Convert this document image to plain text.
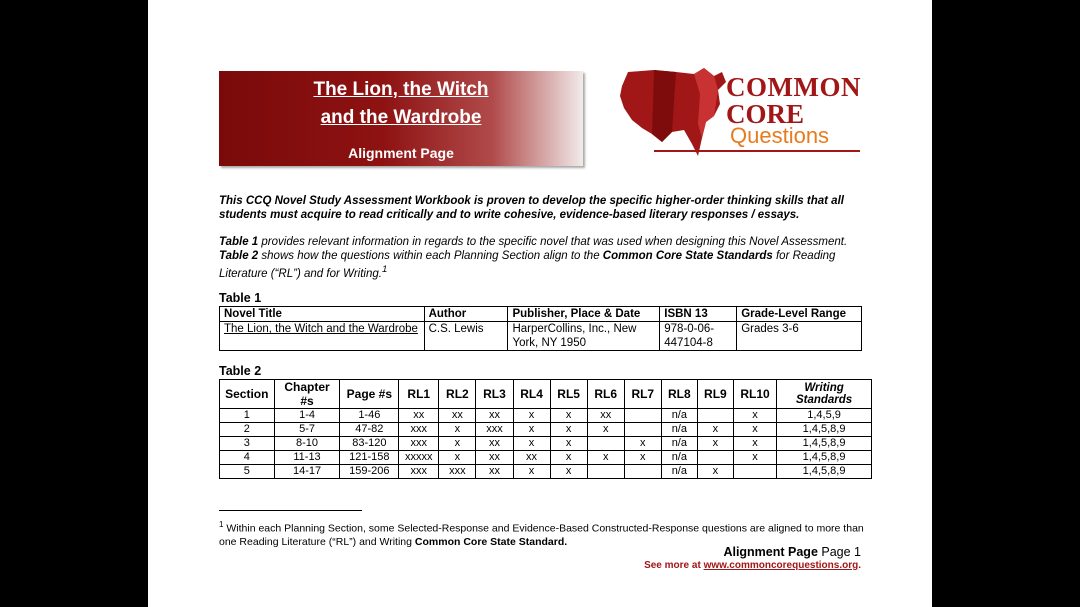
The Lion, the Witch
and the Wardrobe
Alignment Page
COMMON
CORE
Questions
This CCQ Novel Study Assessment Workbook is proven to develop the specific higher-order thinking skills that all students must acquire to read critically and to write cohesive, evidence-based literary responses / essays.
Table 1 provides relevant information in regards to the specific novel that was used when designing this Novel Assessment.
Table 2 shows how the questions within each Planning Section align to the Common Core State Standards for Reading Literature (“RL”) and for Writing.$^1$
Table 1
Novel Title	Author	Publisher, Place & Date	ISBN 13	Grade-Level Range
The Lion, the Witch and the Wardrobe	C.S. Lewis	HarperCollins, Inc., New York, NY 1950	978-0-06-447104-8	Grades 3-6
Table 2
Section	Chapter #s	Page #s	RL1	RL2	RL3	RL4	RL5	RL6	RL7	RL8	RL9	RL10	Writing Standards
1	1-4	1-46	xx	xx	xx	x	x	xx		n/a		x	1,4,5,9
2	5-7	47-82	xxx	x	xxx	x	x	x		n/a	x	x	1,4,5,8,9
3	8-10	83-120	xxx	x	xx	x	x		x	n/a	x	x	1,4,5,8,9
4	11-13	121-158	xxxxx	x	xx	xx	x	x	x	n/a		x	1,4,5,8,9
5	14-17	159-206	xxx	xxx	xx	x	x			n/a	x		1,4,5,8,9
$^1$ Within each Planning Section, some Selected-Response and Evidence-Based Constructed-Response questions are aligned to more than one Reading Literature (“RL”) and Writing Common Core State Standard.
Alignment Page Page 1
See more at www.commoncorequestions.org.
